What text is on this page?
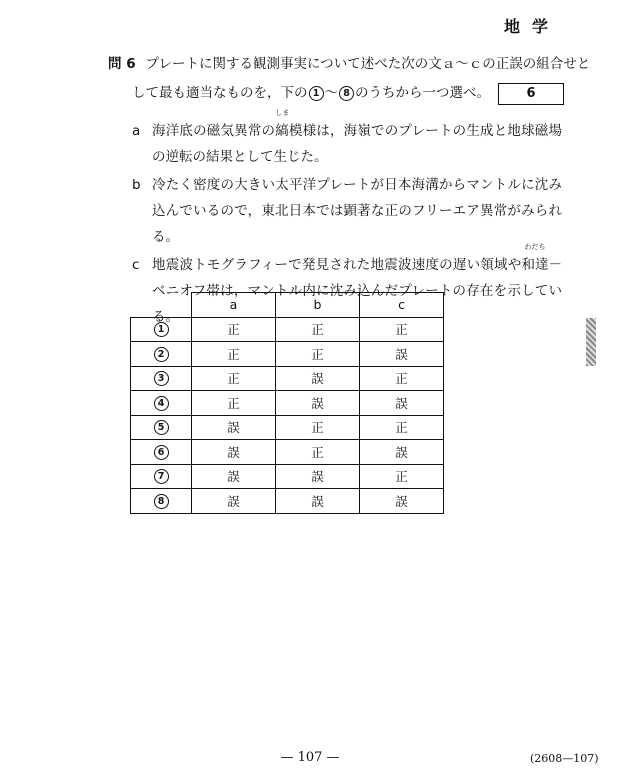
地学
問 6 プレートに関する観測事実について述べた次の文ａ～ｃの正誤の組合せと
して最も適当なものを，下の 1 ～ 8 のうちから一つ選べ。	6
a 海洋底の磁気異常の
しま
縞模様は，海嶺でのプレートの生成と地球磁場の逆転の結果として生じた。
b 冷たく密度の大きい太平洋プレートが日本海溝からマントルに沈み込んでいるので，東北日本では顕著な正のフリーエア異常がみられる。
c 地震波トモグラフィーで発見された地震波速度の遅い領域や
わだち
和達－ベニオフ帯は，マントル内に沈み込んだプレートの存在を示している。
	a	b	c
1	正	正	正
2	正	正	誤
3	正	誤	正
4	正	誤	誤
5	誤	正	正
6	誤	正	誤
7	誤	誤	正
8	誤	誤	誤
— 107 —	(2608—107)
